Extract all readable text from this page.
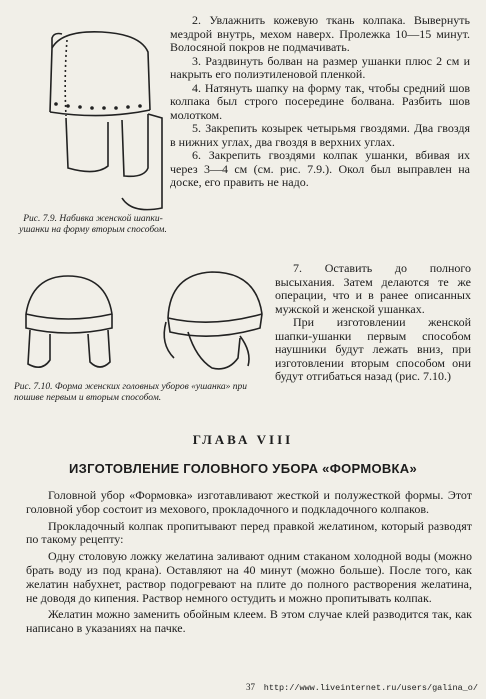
Рис. 7.9. Набивка женской шапки-ушанки на форму вторым способом.
Рис. 7.10. Форма женских головных уборов «ушанка» при пошиве первым и вторым способом.

2. Увлажнить кожевую ткань колпака. Вывернуть мездрой внутрь, мехом наверх. Пролежка 10—15 минут. Волосяной покров не подмачивать.

3. Раздвинуть болван на размер ушанки плюс 2 см и накрыть его полиэтиленовой пленкой.

4. Натянуть шапку на форму так, чтобы средний шов колпака был строго посередине болвана. Разбить шов молотком.

5. Закрепить козырек четырьмя гвоздями. Два гвоздя в нижних углах, два гвоздя в верхних углах.

6. Закрепить гвоздями колпак ушанки, вбивая их через 3—4 см (см. рис. 7.9.). Окол был выправлен на доске, его править не надо.

7. Оставить до полного высыхания. Затем делаются те же операции, что и в ранее описанных мужской и женской ушанках.

При изготовлении женской шапки-ушанки первым способом наушники будут лежать вниз, при изготовлении вторым способом они будут отгибаться назад (рис. 7.10.)

ГЛАВА VIII
ИЗГОТОВЛЕНИЕ ГОЛОВНОГО УБОРА «ФОРМОВКА»

Головной убор «Формовка» изготавливают жесткой и полужесткой формы. Этот головной убор состоит из мехового, прокладочного и подкладочного колпаков.

Прокладочный колпак пропитывают перед правкой желатином, который разводят по такому рецепту:

Одну столовую ложку желатина заливают одним стаканом холодной воды (можно брать воду из под крана). Оставляют на 40 минут (можно больше). После того, как желатин набухнет, раствор подогревают на плите до полного растворения желатина, не доводя до кипения. Раствор немного остудить и можно пропитывать колпак.

Желатин можно заменить обойным клеем. В этом случае клей разводится так, как написано в указаниях на пачке.

37 http://www.liveinternet.ru/users/galina_o/
